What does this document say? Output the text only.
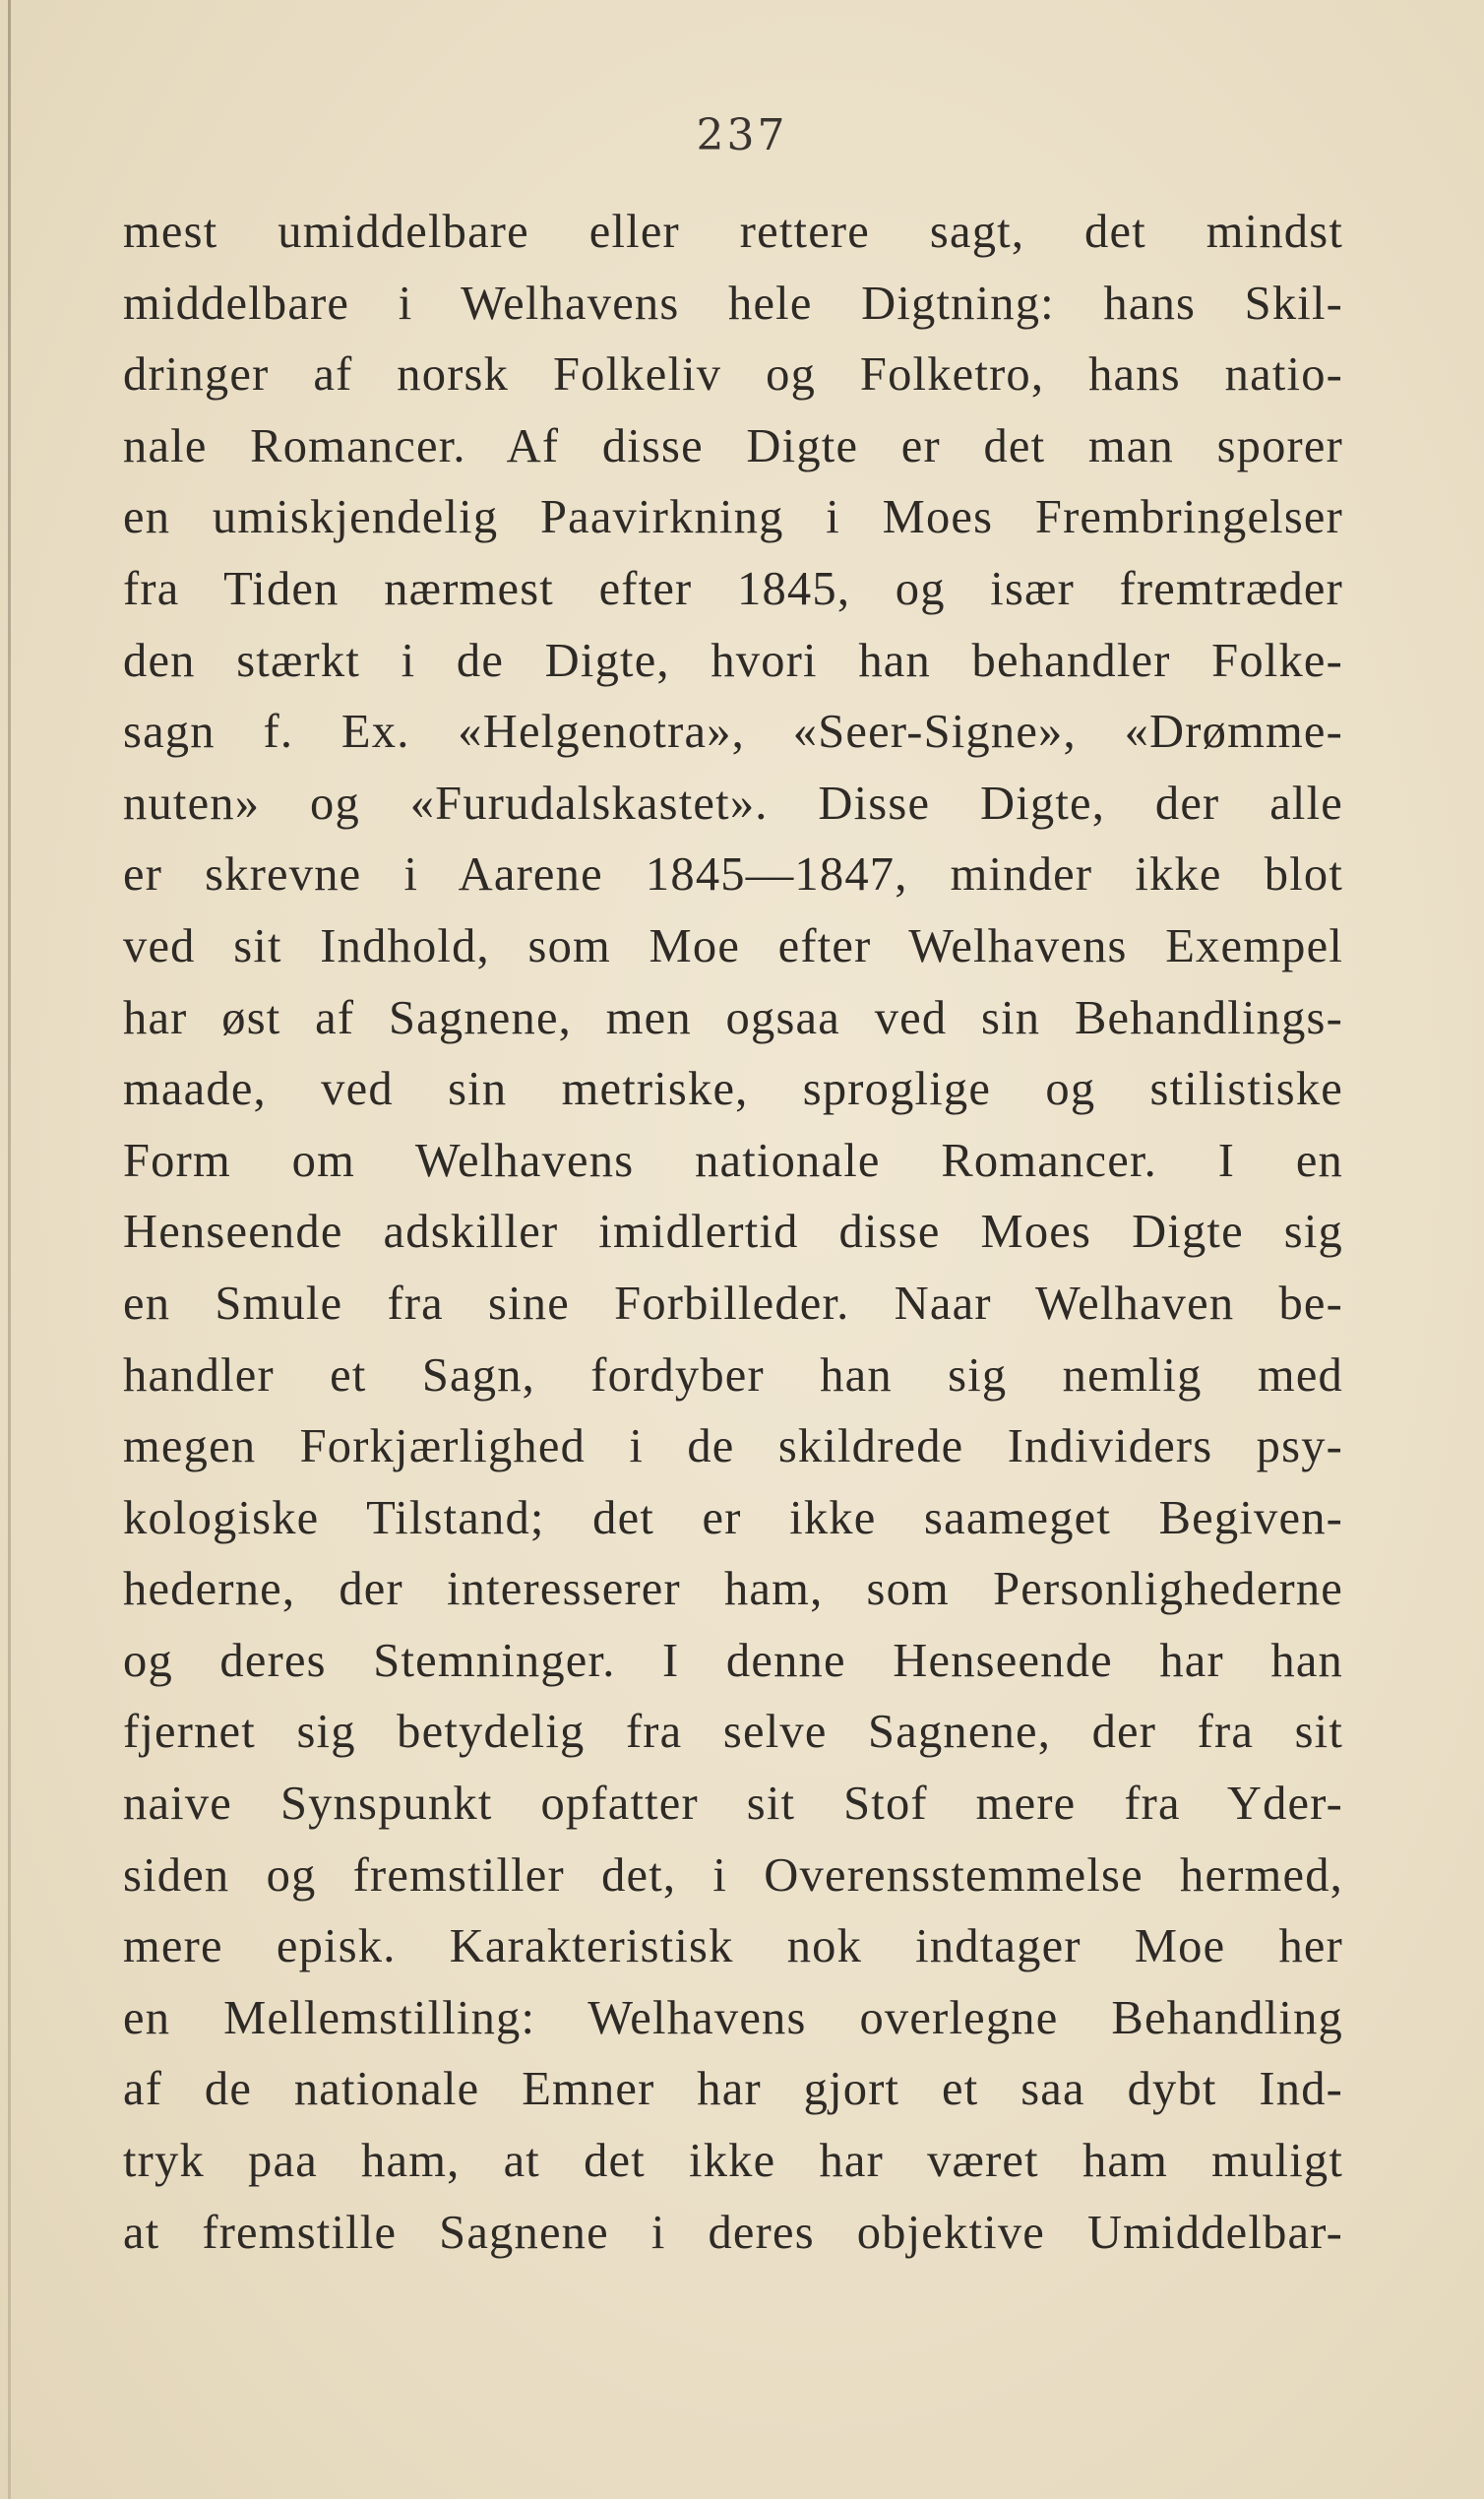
237
mest umiddelbare eller rettere sagt, det mindst
middelbare i Welhavens hele Digtning: hans Skil-
dringer af norsk Folkeliv og Folketro, hans natio-
nale Romancer. Af disse Digte er det man sporer
en umiskjendelig Paavirkning i Moes Frembringelser
fra Tiden nærmest efter 1845, og især fremtræder
den stærkt i de Digte, hvori han behandler Folke-
sagn f. Ex. «Helgenotra», «Seer-Signe», «Drømme-
nuten» og «Furudalskastet». Disse Digte, der alle
er skrevne i Aarene 1845—1847, minder ikke blot
ved sit Indhold, som Moe efter Welhavens Exempel
har øst af Sagnene, men ogsaa ved sin Behandlings-
maade, ved sin metriske, sproglige og stilistiske
Form om Welhavens nationale Romancer. I en
Henseende adskiller imidlertid disse Moes Digte sig
en Smule fra sine Forbilleder. Naar Welhaven be-
handler et Sagn, fordyber han sig nemlig med
megen Forkjærlighed i de skildrede Individers psy-
kologiske Tilstand; det er ikke saameget Begiven-
hederne, der interesserer ham, som Personlighederne
og deres Stemninger. I denne Henseende har han
fjernet sig betydelig fra selve Sagnene, der fra sit
naive Synspunkt opfatter sit Stof mere fra Yder-
siden og fremstiller det, i Overensstemmelse hermed,
mere episk. Karakteristisk nok indtager Moe her
en Mellemstilling: Welhavens overlegne Behandling
af de nationale Emner har gjort et saa dybt Ind-
tryk paa ham, at det ikke har været ham muligt
at fremstille Sagnene i deres objektive Umiddelbar-
